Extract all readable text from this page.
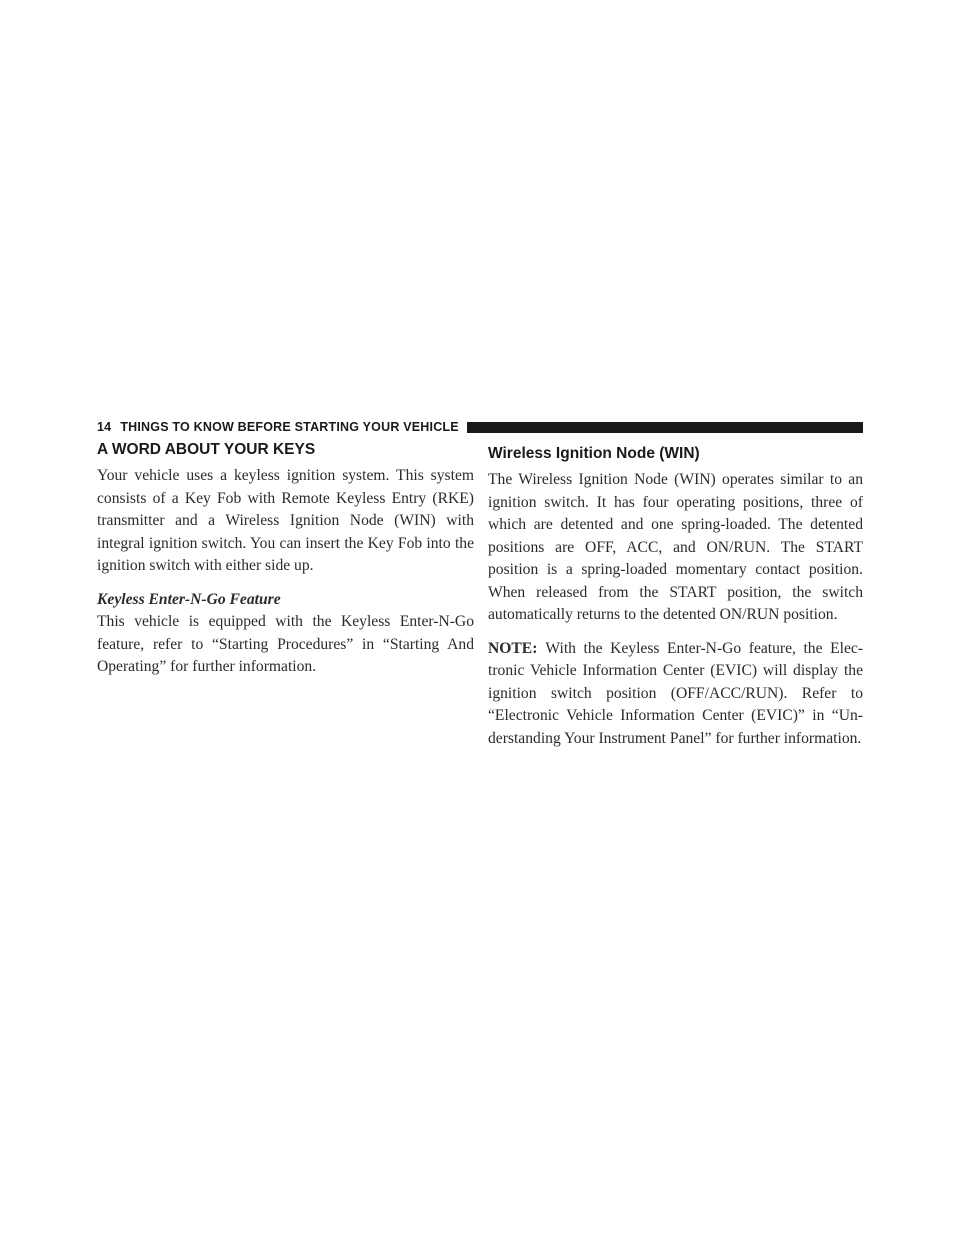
14 THINGS TO KNOW BEFORE STARTING YOUR VEHICLE
A WORD ABOUT YOUR KEYS

Your vehicle uses a keyless ignition system. This system consists of a Key Fob with Remote Keyless Entry (RKE) transmitter and a Wireless Ignition Node (WIN) with integral ignition switch. You can insert the Key Fob into the ignition switch with either side up.

Keyless Enter-N-Go Feature
This vehicle is equipped with the Keyless Enter-N-Go feature, refer to “Starting Procedures” in “Starting And Operating” for further information.

Wireless Ignition Node (WIN)

The Wireless Ignition Node (WIN) operates similar to an ignition switch. It has four operating positions, three of which are detented and one spring-loaded. The detented positions are OFF, ACC, and ON/RUN. The START position is a spring-loaded momentary contact position. When released from the START position, the switch automatically returns to the detented ON/RUN position.

NOTE: With the Keyless Enter-N-Go feature, the Electronic Vehicle Information Center (EVIC) will display the ignition switch position (OFF/ACC/RUN). Refer to “Electronic Vehicle Information Center (EVIC)” in “Understanding Your Instrument Panel” for further information.
